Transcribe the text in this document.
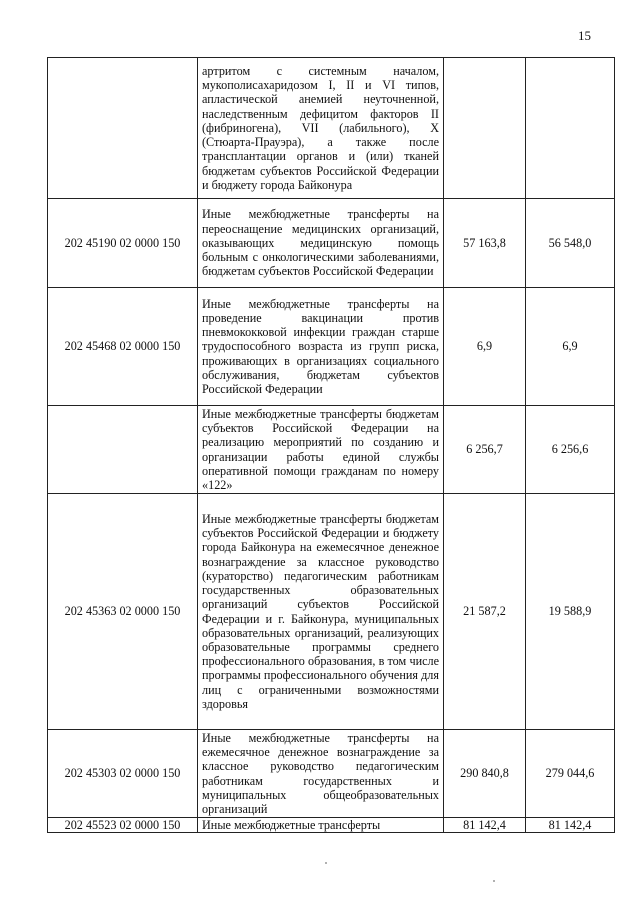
15

	артритом с системным началом, мукополисахаридозом I, II и VI типов, апластической анемией неуточненной, наследственным дефицитом факторов II (фибриногена), VII (лабильного), X (Стюарта-Прауэра), а также после трансплантации органов и (или) тканей бюджетам субъектов Российской Федерации и бюджету города Байконура		

202 45190 02 0000 150	Иные межбюджетные трансферты на переоснащение медицинских организаций, оказывающих медицинскую помощь больным с онкологическими заболеваниями, бюджетам субъектов Российской Федерации	57 163,8	56 548,0
202 45468 02 0000 150	Иные межбюджетные трансферты на проведение вакцинации против пневмококковой инфекции граждан старше трудоспособного возраста из групп риска, проживающих в организациях социального обслуживания, бюджетам субъектов Российской Федерации	6,9	6,9

	Иные межбюджетные трансферты бюджетам субъектов Российской Федерации на реализацию мероприятий по созданию и организации работы единой службы оперативной помощи гражданам по номеру «122»	6 256,7	6 256,6
202 45363 02 0000 150	Иные межбюджетные трансферты бюджетам субъектов Российской Федерации и бюджету города Байконура на ежемесячное денежное вознаграждение за классное руководство (кураторство) педагогическим работникам государственных образовательных организаций субъектов Российской Федерации и г. Байконура, муниципальных образовательных организаций, реализующих образовательные программы среднего профессионального образования, в том числе программы профессионального обучения для лиц с ограниченными возможностями здоровья	21 587,2	19 588,9
202 45303 02 0000 150	Иные межбюджетные трансферты на ежемесячное денежное вознаграждение за классное руководство педагогическим работникам государственных и муниципальных общеобразовательных организаций	290 840,8	279 044,6
202 45523 02 0000 150	Иные межбюджетные трансферты	81 142,4	81 142,4
